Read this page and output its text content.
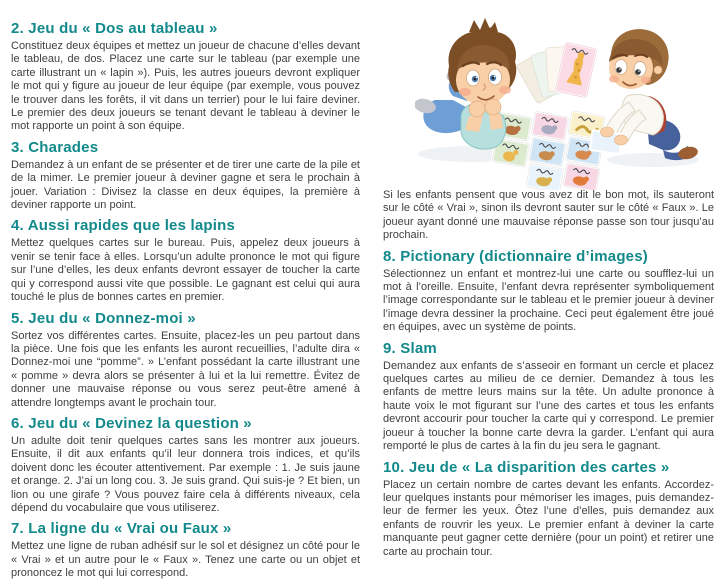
2. Jeu du « Dos au tableau »

Constituez deux équipes et mettez un joueur de chacune d’elles devant le tableau, de dos. Placez une carte sur le tableau (par exemple une carte illustrant un « lapin »). Puis, les autres joueurs devront expliquer le mot qui y figure au joueur de leur équipe (par exemple, vous pouvez le trouver dans les forêts, il vit dans un terrier) pour le lui faire deviner. Le premier des deux joueurs se tenant devant le tableau à deviner le mot rapporte un point à son équipe.

3. Charades

Demandez à un enfant de se présenter et de tirer une carte de la pile et de la mimer. Le premier joueur à deviner gagne et sera le prochain à jouer. Variation : Divisez la classe en deux équipes, la première à deviner rapporte un point.

4. Aussi rapides que les lapins

Mettez quelques cartes sur le bureau. Puis, appelez deux joueurs à venir se tenir face à elles. Lorsqu’un adulte prononce le mot qui figure sur l’une d’elles, les deux enfants devront essayer de toucher la carte qui y correspond aussi vite que possible. Le gagnant est celui qui aura touché le plus de bonnes cartes en premier.

5. Jeu du « Donnez-moi »

Sortez vos différentes cartes. Ensuite, placez-les un peu partout dans la pièce. Une fois que les enfants les auront recueillies, l’adulte dira « Donnez-moi une “pomme”. » L’enfant possédant la carte illustrant une « pomme » devra alors se présenter à lui et la lui remettre. Évitez de donner une mauvaise réponse ou vous serez peut-être amené à attendre longtemps avant le prochain tour.

6. Jeu du « Devinez la question »

Un adulte doit tenir quelques cartes sans les montrer aux joueurs. Ensuite, il dit aux enfants qu’il leur donnera trois indices, et qu’ils doivent donc les écouter attentivement. Par exemple : 1. Je suis jaune et orange. 2. J’ai un long cou. 3. Je suis grand. Qui suis-je ? Et bien, un lion ou une girafe ? Vous pouvez faire cela à différents niveaux, cela dépend du vocabulaire que vous utiliserez.

7. La ligne du « Vrai ou Faux »

Mettez une ligne de ruban adhésif sur le sol et désignez un côté pour le « Vrai » et un autre pour le « Faux ». Tenez une carte ou un objet et prononcez le mot qui lui correspond.

Si les enfants pensent que vous avez dit le bon mot, ils sauteront sur le côté « Vrai », sinon ils devront sauter sur le côté « Faux ». Le joueur ayant donné une mauvaise réponse passe son tour jusqu’au prochain.

8. Pictionary (dictionnaire d’images)

Sélectionnez un enfant et montrez-lui une carte ou soufflez-lui un mot à l’oreille. Ensuite, l’enfant devra représenter symboliquement l’image correspondante sur le tableau et le premier joueur à deviner l’image devra dessiner la prochaine. Ceci peut également être joué en équipes, avec un système de points.

9. Slam

Demandez aux enfants de s’asseoir en formant un cercle et placez quelques cartes au milieu de ce dernier. Demandez à tous les enfants de mettre leurs mains sur la tête. Un adulte prononce à haute voix le mot figurant sur l’une des cartes et tous les enfants devront accourir pour toucher la carte qui y correspond. Le premier joueur à toucher la bonne carte devra la garder. L’enfant qui aura remporté le plus de cartes à la fin du jeu sera le gagnant.

10. Jeu de « La disparition des cartes »

Placez un certain nombre de cartes devant les enfants. Accordez-leur quelques instants pour mémoriser les images, puis demandez-leur de fermer les yeux. Ôtez l’une d’elles, puis demandez aux enfants de rouvrir les yeux. Le premier enfant à deviner la carte manquante peut gagner cette dernière (pour un point) et retirer une carte au prochain tour.
